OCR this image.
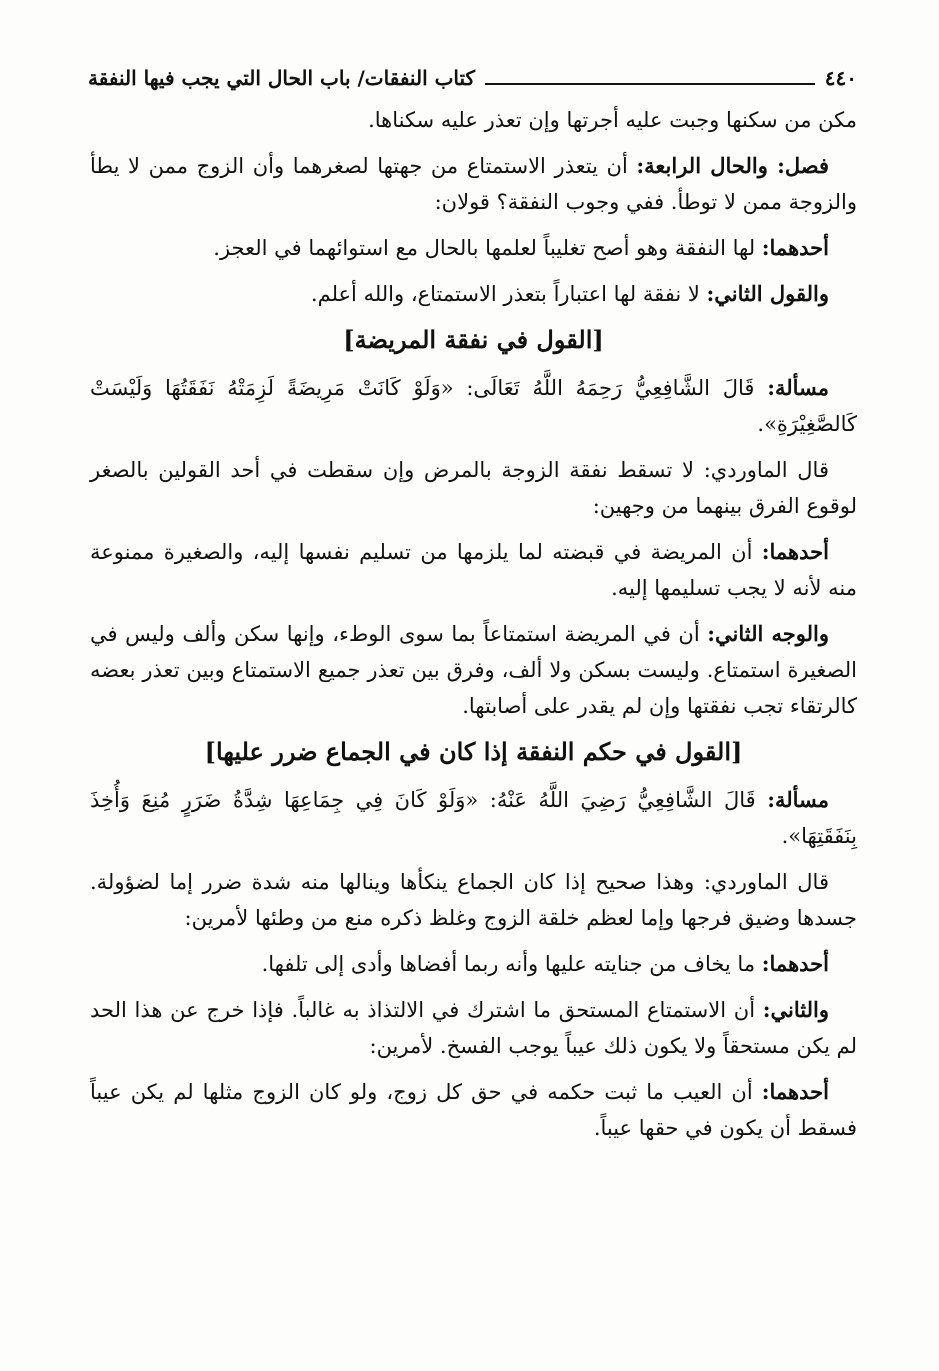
٤٤٠
كتاب النفقات/ باب الحال التي يجب فيها النفقة

مكن من سكنها وجبت عليه أجرتها وإن تعذر عليه سكناها.

فصل: والحال الرابعة: أن يتعذر الاستمتاع من جهتها لصغرهما وأن الزوج ممن لا يطأ والزوجة ممن لا توطأ. ففي وجوب النفقة؟ قولان:

أحدهما: لها النفقة وهو أصح تغليباً لعلمها بالحال مع استوائهما في العجز.

والقول الثاني: لا نفقة لها اعتباراً بتعذر الاستمتاع، والله أعلم.

[القول في نفقة المريضة]

مسألة: قَالَ الشَّافِعِيُّ رَحِمَهُ اللَّهُ تَعَالَى: «وَلَوْ كَانَتْ مَرِيضَةً لَزِمَتْهُ نَفَقَتُهَا وَلَيْسَتْ كَالصَّغِيْرَةِ».

قال الماوردي: لا تسقط نفقة الزوجة بالمرض وإن سقطت في أحد القولين بالصغر لوقوع الفرق بينهما من وجهين:

أحدهما: أن المريضة في قبضته لما يلزمها من تسليم نفسها إليه، والصغيرة ممنوعة منه لأنه لا يجب تسليمها إليه.

والوجه الثاني: أن في المريضة استمتاعاً بما سوى الوطء، وإنها سكن وألف وليس في الصغيرة استمتاع. وليست بسكن ولا ألف، وفرق بين تعذر جميع الاستمتاع وبين تعذر بعضه كالرتقاء تجب نفقتها وإن لم يقدر على أصابتها.

[القول في حكم النفقة إذا كان في الجماع ضرر عليها]

مسألة: قَالَ الشَّافِعِيُّ رَضِيَ اللَّهُ عَنْهُ: «وَلَوْ كَانَ فِي جِمَاعِهَا شِدَّةُ ضَرَرٍ مُنِعَ وَأُخِذَ بِنَفَقَتِهَا».

قال الماوردي: وهذا صحيح إذا كان الجماع ينكأها وينالها منه شدة ضرر إما لضؤولة. جسدها وضيق فرجها وإما لعظم خلقة الزوج وغلظ ذكره منع من وطئها لأمرين:

أحدهما: ما يخاف من جنايته عليها وأنه ربما أفضاها وأدى إلى تلفها.

والثاني: أن الاستمتاع المستحق ما اشترك في الالتذاذ به غالباً. فإذا خرج عن هذا الحد لم يكن مستحقاً ولا يكون ذلك عيباً يوجب الفسخ. لأمرين:

أحدهما: أن العيب ما ثبت حكمه في حق كل زوج، ولو كان الزوج مثلها لم يكن عيباً فسقط أن يكون في حقها عيباً.
